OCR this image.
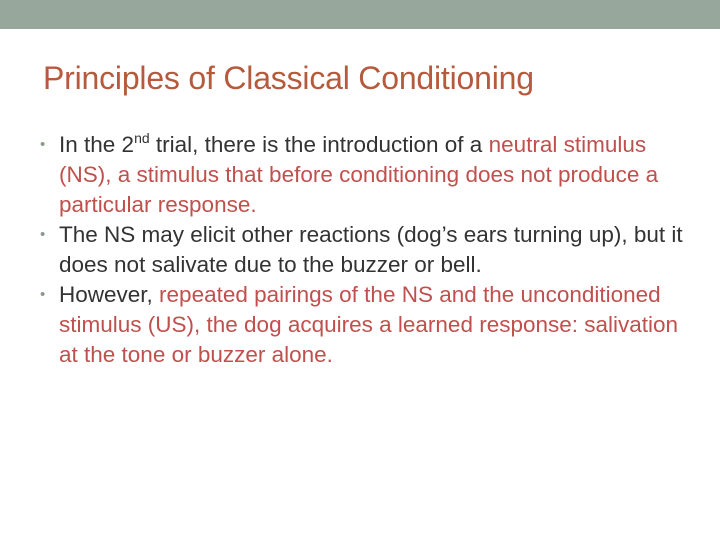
Principles of Classical Conditioning
• In the 2nd trial, there is the introduction of a neutral stimulus (NS), a stimulus that before conditioning does not produce a particular response.
• The NS may elicit other reactions (dog’s ears turning up), but it does not salivate due to the buzzer or bell.
• However, repeated pairings of the NS and the unconditioned stimulus (US), the dog acquires a learned response: salivation at the tone or buzzer alone.
